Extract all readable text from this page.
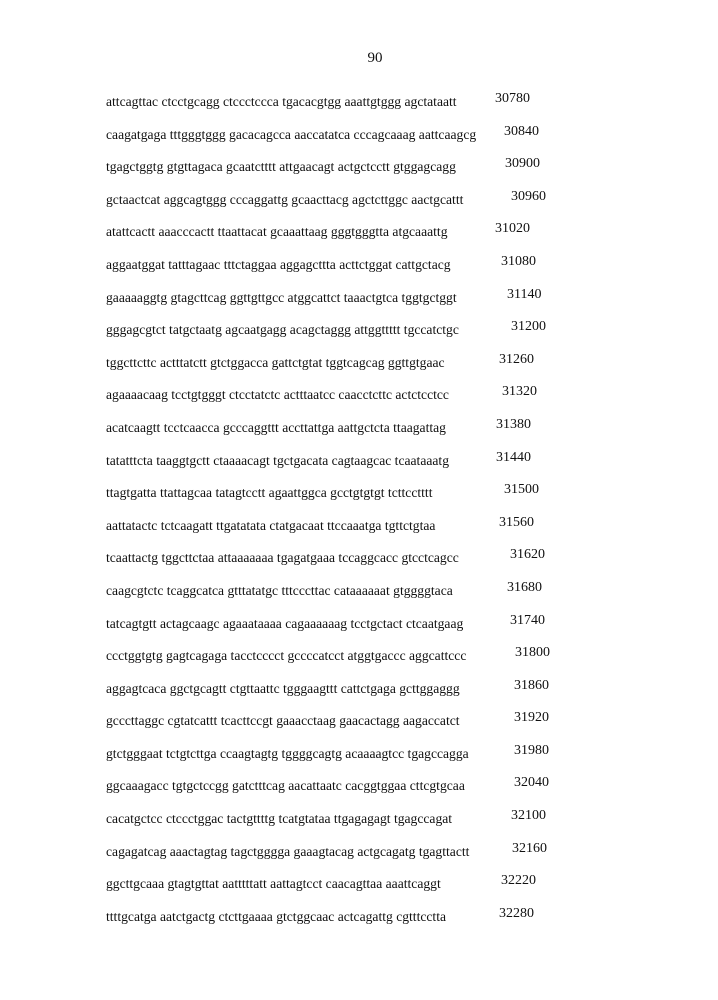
90
attcagttac ctcctgcagg ctccctccca tgacacgtgg aaattgtggg agctataatt	30780
caagatgaga tttgggtggg gacacagcca aaccatatca cccagcaaag aattcaagcg 30840
tgagctggtg gtgttagaca gcaatctttt attgaacagt actgctcctt gtggagcagg	30900
gctaactcat aggcagtggg cccaggattg gcaacttacg agctcttggc aactgcattt	30960
atattcactt aaacccactt ttaattacat gcaaattaag gggtgggtta atgcaaattg	31020
aggaatggat tatttagaac tttctaggaa aggagcttta acttctggat cattgctacg	31080
gaaaaaggtg gtagcttcag ggttgttgcc atggcattct taaactgtca tggtgctggt	31140
gggagcgtct tatgctaatg agcaatgagg acagctaggg attggttttt tgccatctgc	31200
tggcttcttc actttatctt gtctggacca gattctgtat tggtcagcag ggttgtgaac	31260
agaaaacaag tcctgtgggt ctcctatctc actttaatcc caacctcttc actctcctcc	31320
acatcaagtt tcctcaacca gcccaggttt accttattga aattgctcta ttaagattag	31380
tatatttcta taaggtgctt ctaaaacagt tgctgacata cagtaagcac tcaataaatg	31440
ttagtgatta ttattagcaa tatagtcctt agaattggca gcctgtgtgt tcttcctttt	31500
aattatactc tctcaagatt ttgatatata ctatgacaat ttccaaatga tgttctgtaa	31560
tcaattactg tggcttctaa attaaaaaaa tgagatgaaa tccaggcacc gtcctcagcc	31620
caagcgtctc tcaggcatca gtttatatgc tttcccttac cataaaaaat gtggggtaca	31680
tatcagtgtt actagcaagc agaaataaaa cagaaaaaag tcctgctact ctcaatgaag	31740
ccctggtgtg gagtcagaga tacctcccct gccccatcct atggtgaccc aggcattccc	31800
aggagtcaca ggctgcagtt ctgttaattc tgggaagttt cattctgaga gcttggaggg	31860
gcccttaggc cgtatcattt tcacttccgt gaaacctaag gaacactagg aagaccatct	31920
gtctgggaat tctgtcttga ccaagtagtg tggggcagtg acaaaagtcc tgagccagga	31980
ggcaaagacc tgtgctccgg gatctttcag aacattaatc cacggtggaa cttcgtgcaa	32040
cacatgctcc ctccctggac tactgttttg tcatgtataa ttgagagagt tgagccagat	32100
cagagatcag aaactagtag tagctgggga gaaagtacag actgcagatg tgagttactt	32160
ggcttgcaaa gtagtgttat aatttttatt aattagtcct caacagttaa aaattcaggt	32220
ttttgcatga aatctgactg ctcttgaaaa gtctggcaac actcagattg cgtttcctta	32280
